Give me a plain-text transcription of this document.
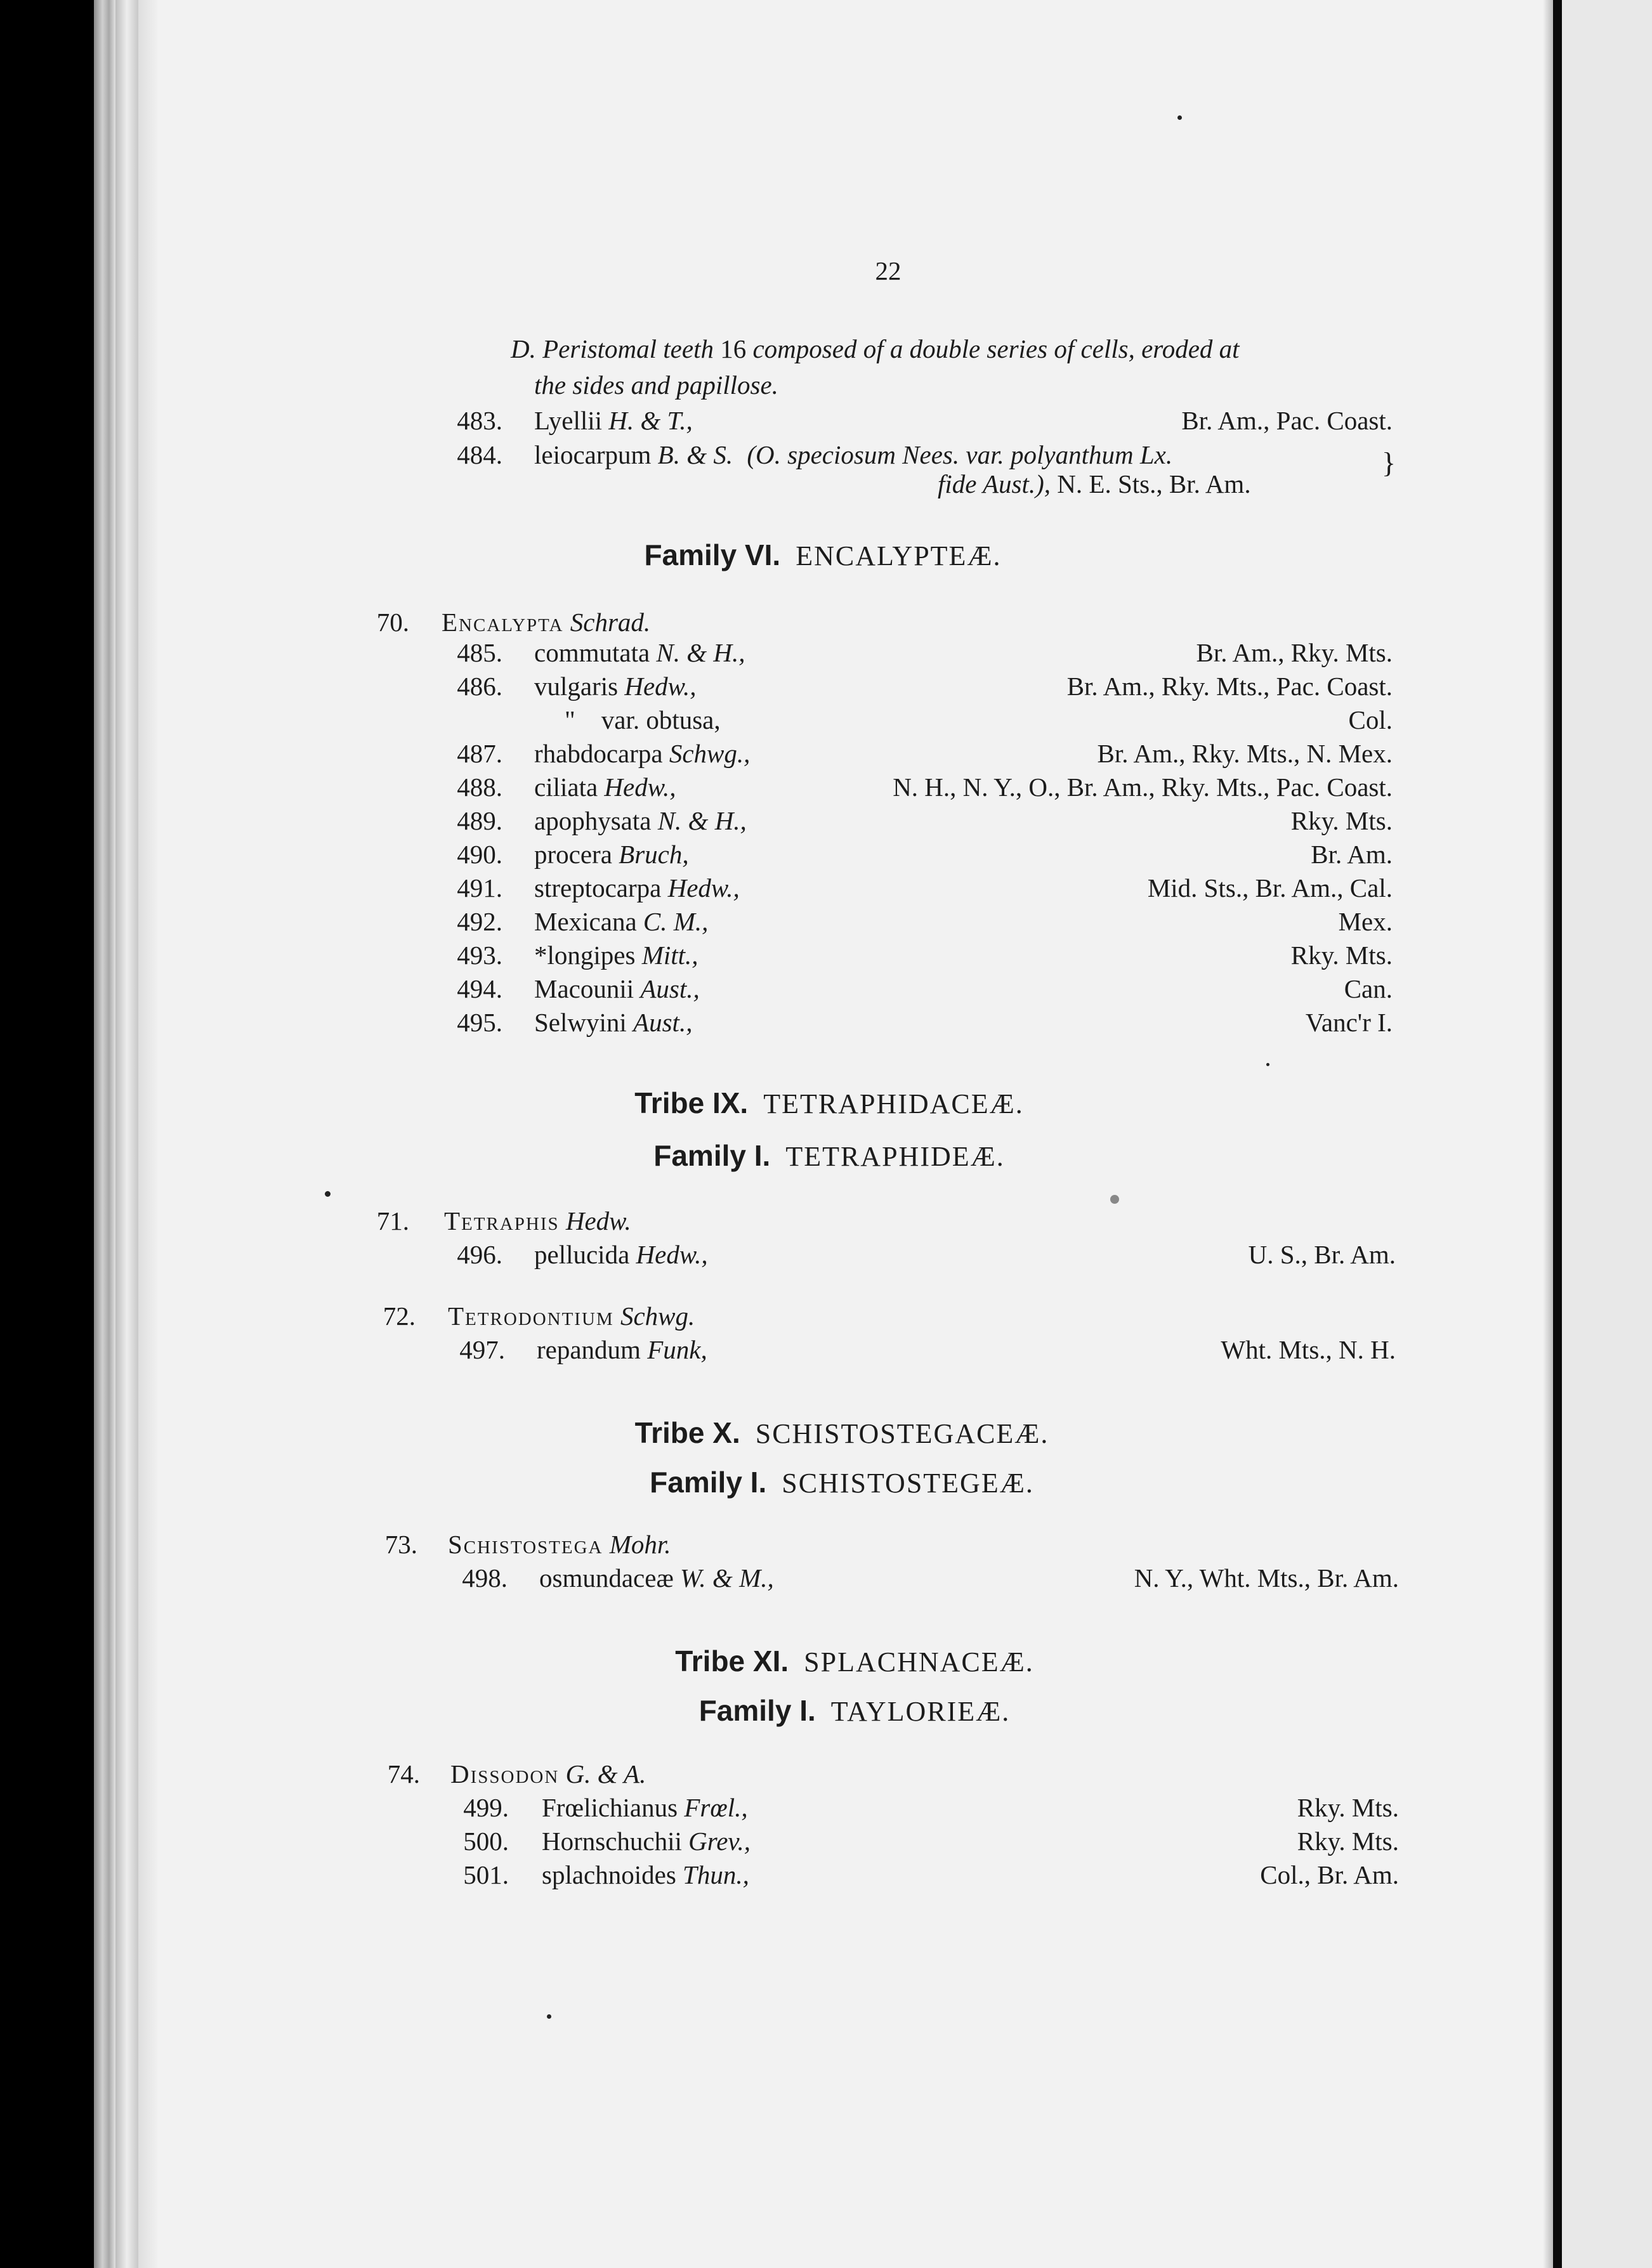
22
D. Peristomal teeth 16 composed of a double series of cells, eroded at
the sides and papillose.
483. Lyellii H. & T.,	Br. Am., Pac. Coast.
484. leiocarpum B. & S. (O. speciosum Nees. var. polyanthum Lx.
fide Aust.), N. E. Sts., Br. Am.
}
Family VI. ENCALYPTEÆ.
70. Encalypta Schrad.
485. commutata N. & H.,	Br. Am., Rky. Mts.
486. vulgaris Hedw.,	Br. Am., Rky. Mts., Pac. Coast.
"    var. obtusa,	Col.
487. rhabdocarpa Schwg.,	Br. Am., Rky. Mts., N. Mex.
488. ciliata Hedw.,	N. H., N. Y., O., Br. Am., Rky. Mts., Pac. Coast.
489. apophysata N. & H.,	Rky. Mts.
490. procera Bruch,	Br. Am.
491. streptocarpa Hedw.,	Mid. Sts., Br. Am., Cal.
492. Mexicana C. M.,	Mex.
493. *longipes Mitt.,	Rky. Mts.
494. Macounii Aust.,	Can.
495. Selwyini Aust.,	Vanc'r I.
Tribe IX. TETRAPHIDACEÆ.
Family I. TETRAPHIDEÆ.
71. Tetraphis Hedw.
496. pellucida Hedw.,	U. S., Br. Am.
72. Tetrodontium Schwg.
497. repandum Funk,	Wht. Mts., N. H.
Tribe X. SCHISTOSTEGACEÆ.
Family I. SCHISTOSTEGEÆ.
73. Schistostega Mohr.
498. osmundaceæ W. & M.,	N. Y., Wht. Mts., Br. Am.
Tribe XI. SPLACHNACEÆ.
Family I. TAYLORIEÆ.
74. Dissodon G. & A.
499. Frœlichianus Frœl.,	Rky. Mts.
500. Hornschuchii Grev.,	Rky. Mts.
501. splachnoides Thun.,	Col., Br. Am.
